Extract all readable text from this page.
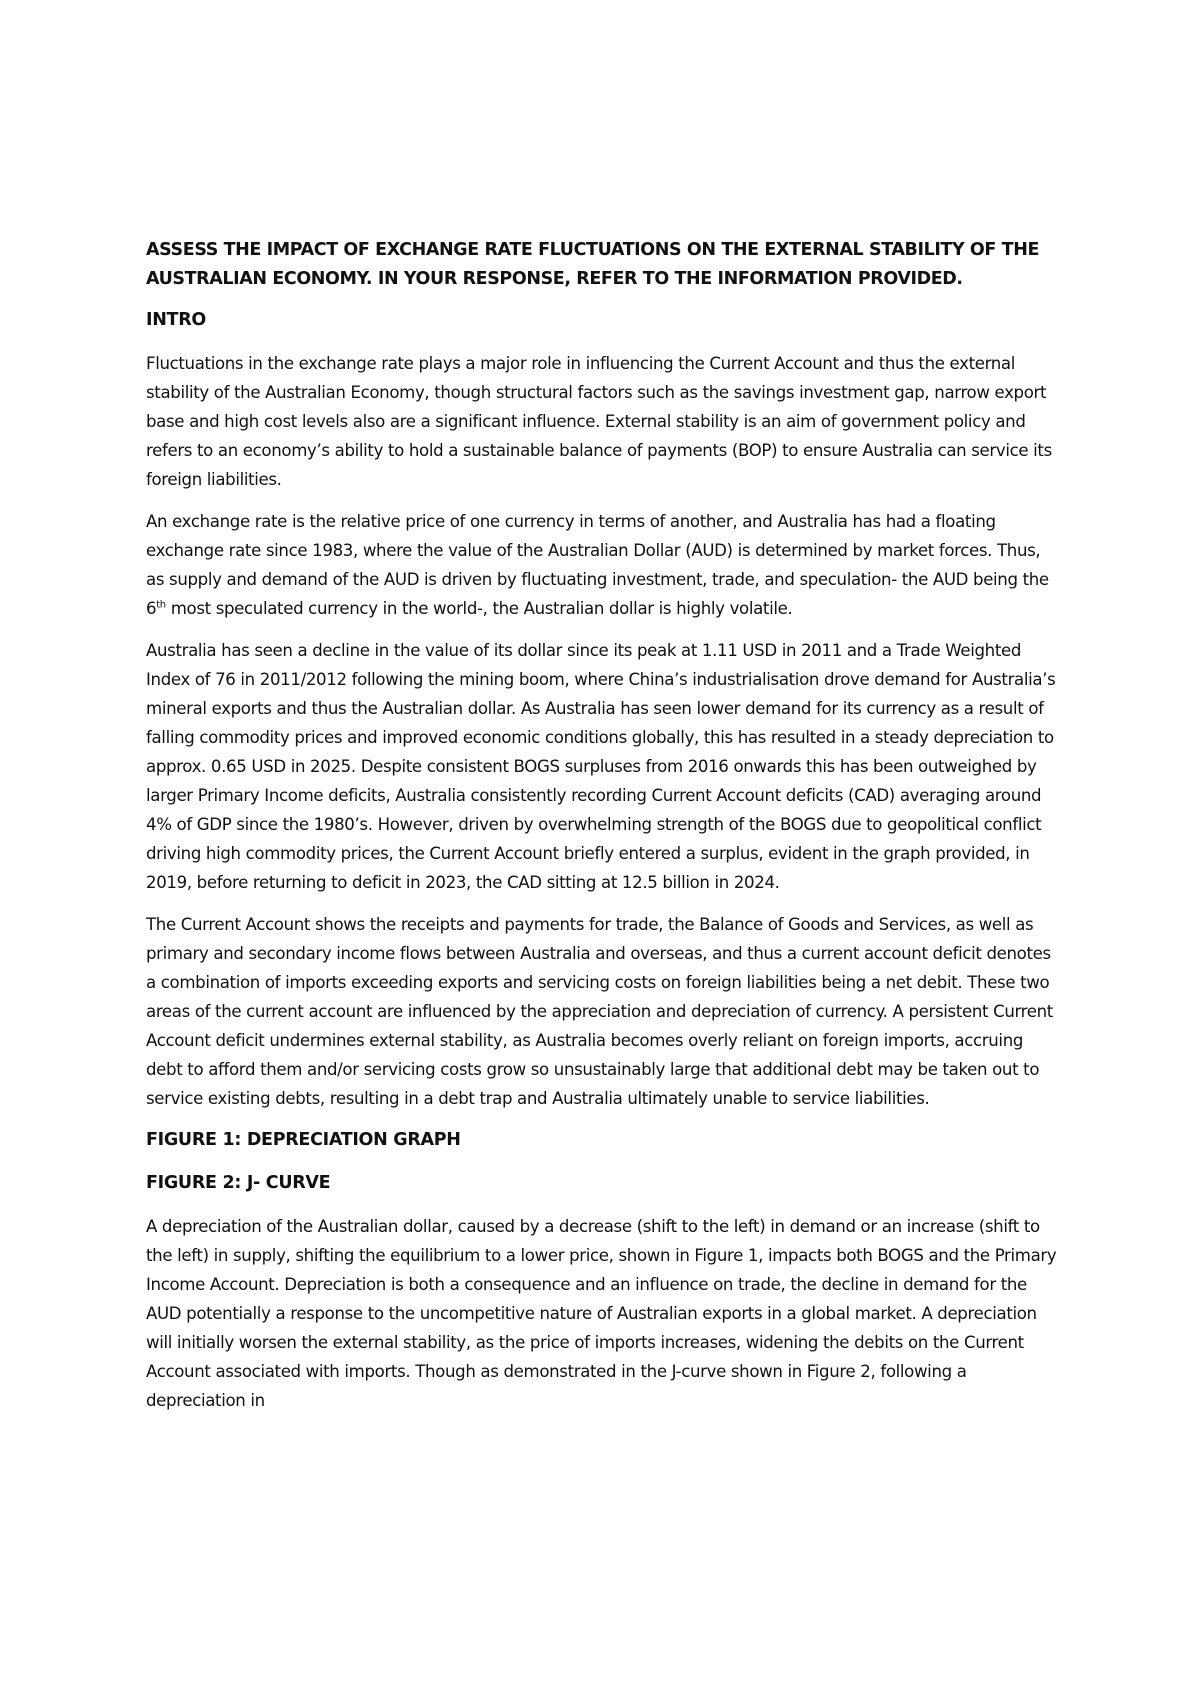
ASSESS THE IMPACT OF EXCHANGE RATE FLUCTUATIONS ON THE EXTERNAL STABILITY OF THE AUSTRALIAN ECONOMY. IN YOUR RESPONSE, REFER TO THE INFORMATION PROVIDED.
INTRO

Fluctuations in the exchange rate plays a major role in influencing the Current Account and thus the external stability of the Australian Economy, though structural factors such as the savings investment gap, narrow export base and high cost levels also are a significant influence. External stability is an aim of government policy and refers to an economy’s ability to hold a sustainable balance of payments (BOP) to ensure Australia can service its foreign liabilities.

An exchange rate is the relative price of one currency in terms of another, and Australia has had a floating exchange rate since 1983, where the value of the Australian Dollar (AUD) is determined by market forces. Thus, as supply and demand of the AUD is driven by fluctuating investment, trade, and speculation- the AUD being the 6th most speculated currency in the world-, the Australian dollar is highly volatile.

Australia has seen a decline in the value of its dollar since its peak at 1.11 USD in 2011 and a Trade Weighted Index of 76 in 2011/2012 following the mining boom, where China’s industrialisation drove demand for Australia’s mineral exports and thus the Australian dollar. As Australia has seen lower demand for its currency as a result of falling commodity prices and improved economic conditions globally, this has resulted in a steady depreciation to approx. 0.65 USD in 2025. Despite consistent BOGS surpluses from 2016 onwards this has been outweighed by larger Primary Income deficits, Australia consistently recording Current Account deficits (CAD) averaging around 4% of GDP since the 1980’s. However, driven by overwhelming strength of the BOGS due to geopolitical conflict driving high commodity prices, the Current Account briefly entered a surplus, evident in the graph provided, in 2019, before returning to deficit in 2023, the CAD sitting at 12.5 billion in 2024.

The Current Account shows the receipts and payments for trade, the Balance of Goods and Services, as well as primary and secondary income flows between Australia and overseas, and thus a current account deficit denotes a combination of imports exceeding exports and servicing costs on foreign liabilities being a net debit. These two areas of the current account are influenced by the appreciation and depreciation of currency. A persistent Current Account deficit undermines external stability, as Australia becomes overly reliant on foreign imports, accruing debt to afford them and/or servicing costs grow so unsustainably large that additional debt may be taken out to service existing debts, resulting in a debt trap and Australia ultimately unable to service liabilities.

FIGURE 1: DEPRECIATION GRAPH
FIGURE 2: J- CURVE

A depreciation of the Australian dollar, caused by a decrease (shift to the left) in demand or an increase (shift to the left) in supply, shifting the equilibrium to a lower price, shown in Figure 1, impacts both BOGS and the Primary Income Account. Depreciation is both a consequence and an influence on trade, the decline in demand for the AUD potentially a response to the uncompetitive nature of Australian exports in a global market. A depreciation will initially worsen the external stability, as the price of imports increases, widening the debits on the Current Account associated with imports. Though as demonstrated in the J-curve shown in Figure 2, following a depreciation in
